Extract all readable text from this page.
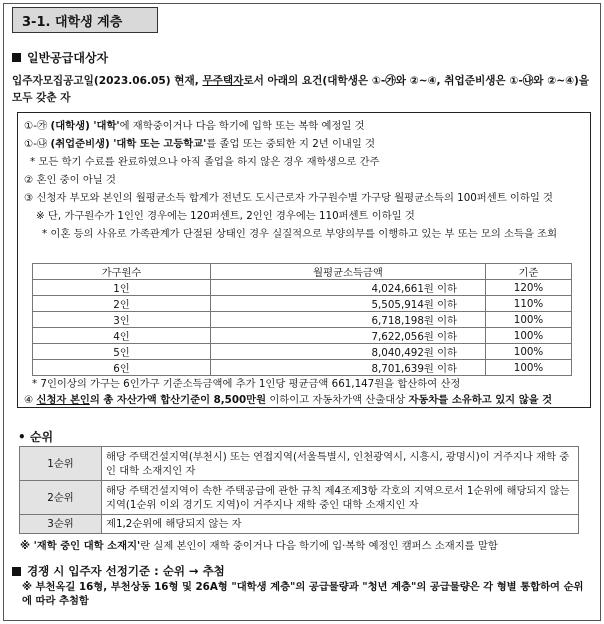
3-1. 대학생 계층
일반공급대상자
입주자모집공고일(2023.06.05) 현재, 무주택자로서 아래의 요건(대학생은 ①-㉮와 ②~④, 취업준비생은 ①-㉯와 ②~④)을 모두 갖춘 자
①-㉮ (대학생) '대학'에 재학중이거나 다음 학기에 입학 또는 복학 예정일 것
①-㉯ (취업준비생) '대학 또는 고등학교'를 졸업 또는 중퇴한 지 2년 이내일 것
* 모든 학기 수료를 완료하였으나 아직 졸업을 하지 않은 경우 재학생으로 간주
② 혼인 중이 아닐 것
③ 신청자 부모와 본인의 월평균소득 합계가 전년도 도시근로자 가구원수별 가구당 월평균소득의 100퍼센트 이하일 것
※ 단, 가구원수가 1인인 경우에는 120퍼센트, 2인인 경우에는 110퍼센트 이하일 것
* 이혼 등의 사유로 가족관계가 단절된 상태인 경우 실질적으로 부양의무를 이행하고 있는 부 또는 모의 소득을 조회
가구원수	월평균소득금액	기준
1인	4,024,661원 이하	120%
2인	5,505,914원 이하	110%
3인	6,718,198원 이하	100%
4인	7,622,056원 이하	100%
5인	8,040,492원 이하	100%
6인	8,701,639원 이하	100%
* 7인이상의 가구는 6인가구 기준소득금액에 추가 1인당 평균금액 661,147원을 합산하여 산정
④ 신청자 본인의 총 자산가액 합산기준이 8,500만원 이하이고 자동차가액 산출대상 자동차를 소유하고 있지 않을 것
• 순위
1순위	해당 주택건설지역(부천시) 또는 연접지역(서울특별시, 인천광역시, 시흥시, 광명시)이 거주지나 재학 중인 대학 소재지인 자
2순위	해당 주택건설지역이 속한 주택공급에 관한 규칙 제4조제3항 각호의 지역으로서 1순위에 해당되지 않는 지역(1순위 이외 경기도 지역)이 거주지나 재학 중인 대학 소재지인 자
3순위	제1,2순위에 해당되지 않는 자
※ '재학 중인 대학 소재지'란 실제 본인이 재학 중이거나 다음 학기에 입·복학 예정인 캠퍼스 소재지를 말함
경쟁 시 입주자 선정기준 : 순위 → 추첨
※ 부천옥길 16형, 부천상동 16형 및 26A형 "대학생 계층"의 공급물량과 "청년 계층"의 공급물량은 각 형별 통합하여 순위에 따라 추첨함
